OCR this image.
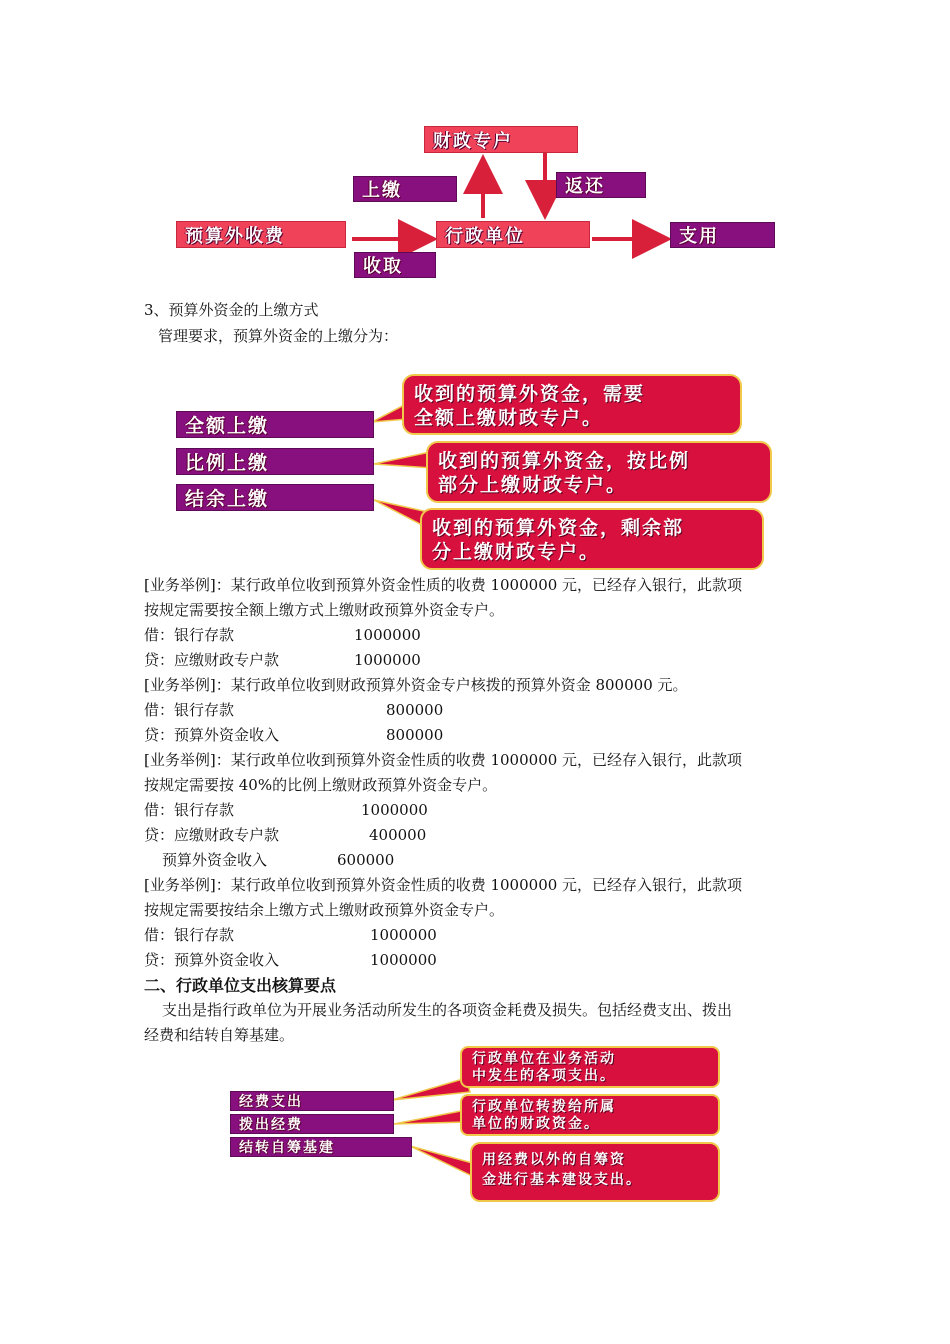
财政专户
上缴	返还
预算外收费	行政单位	支用
收取
3、预算外资金的上缴方式
管理要求，预算外资金的上缴分为：
全额上缴
比例上缴
结余上缴
收到的预算外资金，需要
全额上缴财政专户。
收到的预算外资金，按比例
部分上缴财政专户。
收到的预算外资金，剩余部
分上缴财政专户。
[业务举例]：某行政单位收到预算外资金性质的收费 1000000 元，已经存入银行，此款项
按规定需要按全额上缴方式上缴财政预算外资金专户。
借：银行存款	1000000
贷：应缴财政专户款	1000000
[业务举例]：某行政单位收到财政预算外资金专户核拨的预算外资金 800000 元。
借：银行存款	800000
贷：预算外资金收入	800000
[业务举例]：某行政单位收到预算外资金性质的收费 1000000 元，已经存入银行，此款项
按规定需要按 40%的比例上缴财政预算外资金专户。
借：银行存款	1000000
贷：应缴财政专户款	400000
预算外资金收入	600000
[业务举例]：某行政单位收到预算外资金性质的收费 1000000 元，已经存入银行，此款项
按规定需要按结余上缴方式上缴财政预算外资金专户。
借：银行存款	1000000
贷：预算外资金收入	1000000
二、行政单位支出核算要点
支出是指行政单位为开展业务活动所发生的各项资金耗费及损失。包括经费支出、拨出
经费和结转自筹基建。
经费支出
拨出经费
结转自筹基建
行政单位在业务活动
中发生的各项支出。
行政单位转拨给所属
单位的财政资金。
用经费以外的自筹资
金进行基本建设支出。
